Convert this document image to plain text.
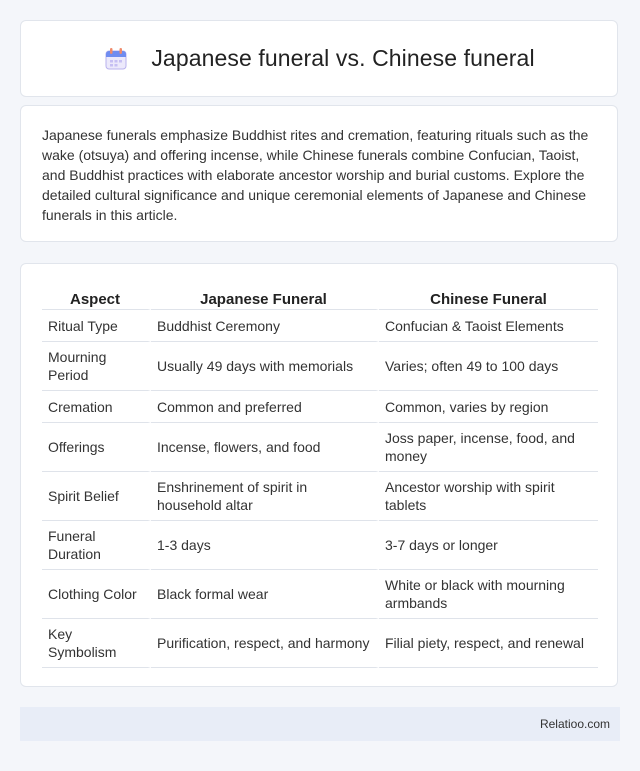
Japanese funeral vs. Chinese funeral

Japanese funerals emphasize Buddhist rites and cremation, featuring rituals such as the wake (otsuya) and offering incense, while Chinese funerals combine Confucian, Taoist, and Buddhist practices with elaborate ancestor worship and burial customs. Explore the detailed cultural significance and unique ceremonial elements of Japanese and Chinese funerals in this article.

Aspect	Japanese Funeral	Chinese Funeral
Ritual Type	Buddhist Ceremony	Confucian & Taoist Elements
Mourning Period	Usually 49 days with memorials	Varies; often 49 to 100 days
Cremation	Common and preferred	Common, varies by region
Offerings	Incense, flowers, and food	Joss paper, incense, food, and money
Spirit Belief	Enshrinement of spirit in household altar	Ancestor worship with spirit tablets
Funeral Duration	1-3 days	3-7 days or longer
Clothing Color	Black formal wear	White or black with mourning armbands
Key Symbolism	Purification, respect, and harmony	Filial piety, respect, and renewal
Relatioo.com
